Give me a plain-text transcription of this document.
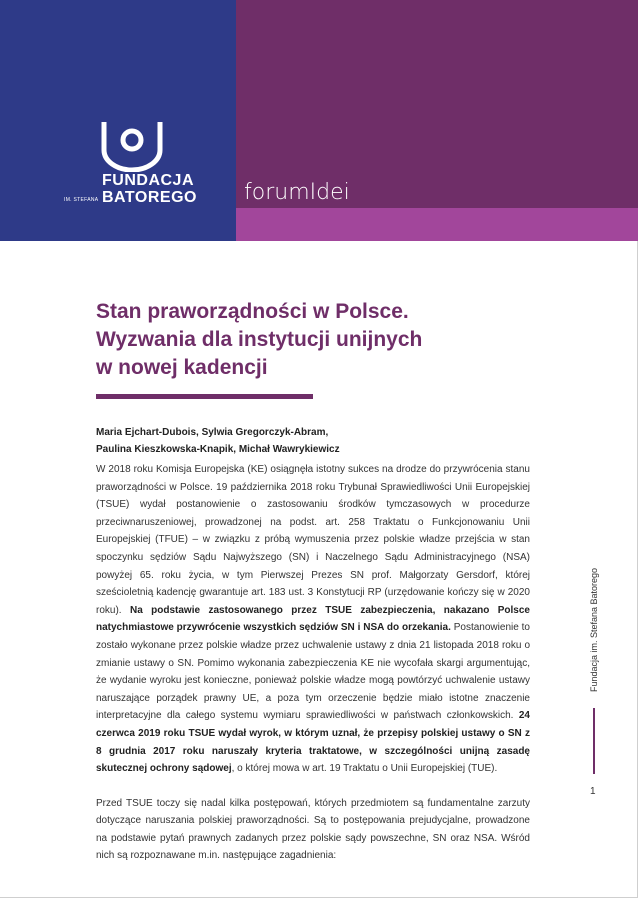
FUNDACJA
IM. STEFANA BATOREGO forumIdei
Stan praworządności w Polsce.
Wyzwania dla instytucji unijnych
w nowej kadencji
Maria Ejchart-Dubois, Sylwia Gregorczyk-Abram,
Paulina Kieszkowska-Knapik, Michał Wawrykiewicz

W 2018 roku Komisja Europejska (KE) osiągnęła istotny sukces na drodze do przywrócenia stanu praworządności w Polsce. 19 października 2018 roku Trybunał Sprawiedliwości Unii Europejskiej (TSUE) wydał postanowienie o zastosowaniu środków tymczasowych w procedurze przeciwnaruszeniowej, prowadzonej na podst. art. 258 Traktatu o Funkcjonowaniu Unii Europejskiej (TFUE) – w związku z próbą wymuszenia przez polskie władze przejścia w stan spoczynku sędziów Sądu Najwyższego (SN) i Naczelnego Sądu Administracyjnego (NSA) powyżej 65. roku życia, w tym Pierwszej Prezes SN prof. Małgorzaty Gersdorf, której sześcioletnią kadencję gwarantuje art. 183 ust. 3 Konstytucji RP (urzędowanie kończy się w 2020 roku). Na podstawie zastosowanego przez TSUE zabezpieczenia, nakazano Polsce natychmiastowe przywrócenie wszystkich sędziów SN i NSA do orzekania. Postanowienie to zostało wykonane przez polskie władze przez uchwalenie ustawy z dnia 21 listopada 2018 roku o zmianie ustawy o SN. Pomimo wykonania zabezpieczenia KE nie wycofała skargi argumentując, że wydanie wyroku jest konieczne, ponieważ polskie władze mogą powtórzyć uchwalenie ustawy naruszające porządek prawny UE, a poza tym orzeczenie będzie miało istotne znaczenie interpretacyjne dla całego systemu wymiaru sprawiedliwości w państwach członkowskich. 24 czerwca 2019 roku TSUE wydał wyrok, w którym uznał, że przepisy polskiej ustawy o SN z 8 grudnia 2017 roku naruszały kryteria traktatowe, w szczególności unijną zasadę skutecznej ochrony sądowej, o której mowa w art. 19 Traktatu o Unii Europejskiej (TUE).

Przed TSUE toczy się nadal kilka postępowań, których przedmiotem są fundamentalne zarzuty dotyczące naruszania polskiej praworządności. Są to postępowania prejudycjalne, prowadzone na podstawie pytań prawnych zadanych przez polskie sądy powszechne, SN oraz NSA. Wśród nich są rozpoznawane m.in. następujące zagadnienia:

Fundacja im. Stefana Batorego
1
